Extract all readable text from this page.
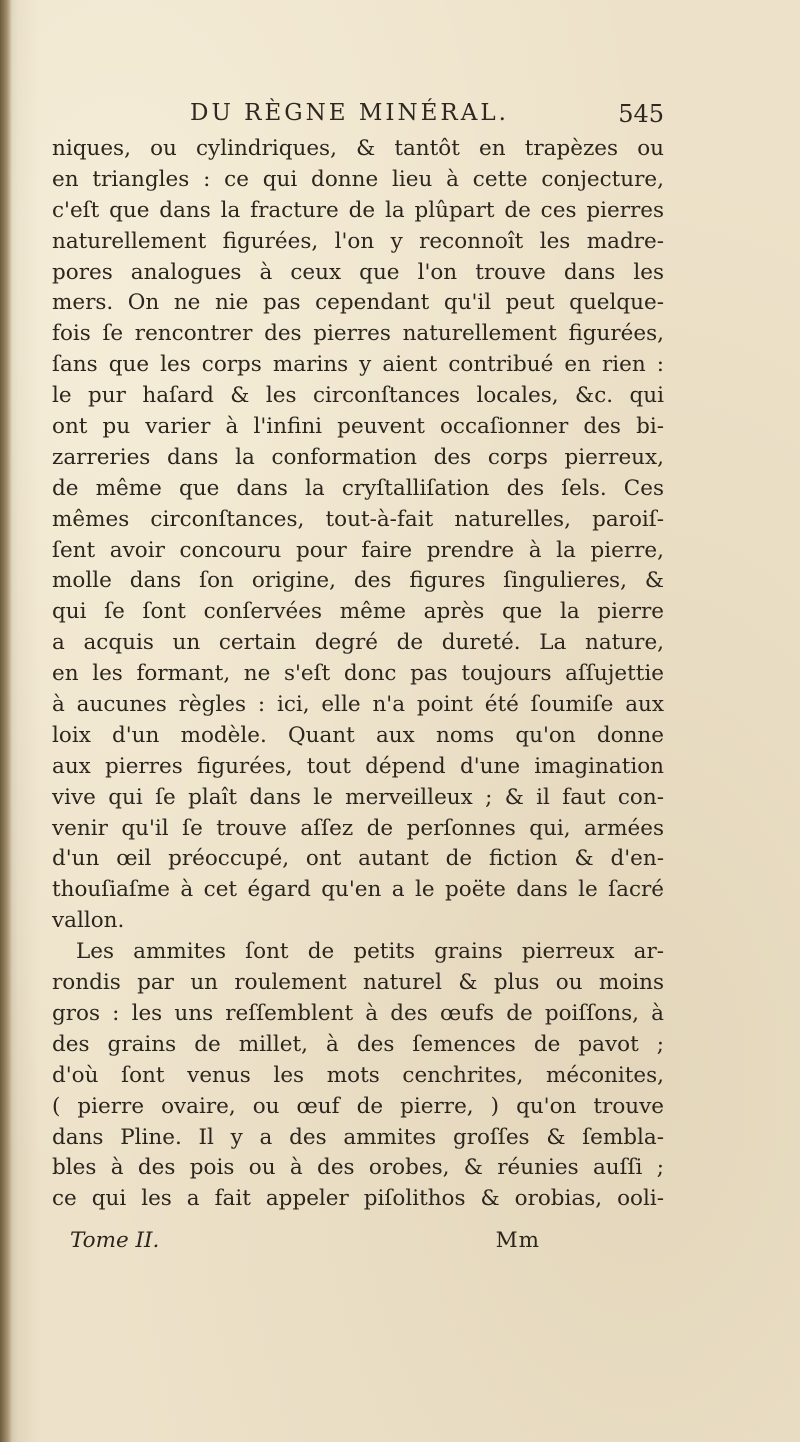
DU RÈGNE MINÉRAL.	545
niques, ou cylindriques, & tantôt en trapèzes ou
en triangles : ce qui donne lieu à cette conjecture,
c'eſt que dans la fracture de la plûpart de ces pierres
naturellement figurées, l'on y reconnoît les madre-
pores analogues à ceux que l'on trouve dans les
mers. On ne nie pas cependant qu'il peut quelque-
fois ſe rencontrer des pierres naturellement figurées,
ſans que les corps marins y aient contribué en rien :
le pur haſard & les circonſtances locales, &c. qui
ont pu varier à l'infini peuvent occaſionner des bi-
zarreries dans la conformation des corps pierreux,
de même que dans la cryſtalliſation des ſels. Ces
mêmes circonſtances, tout-à-fait naturelles, paroiſ-
ſent avoir concouru pour faire prendre à la pierre,
molle dans ſon origine, des figures ſingulieres, &
qui ſe ſont conſervées même après que la pierre
a acquis un certain degré de dureté. La nature,
en les formant, ne s'eſt donc pas toujours aſſujettie
à aucunes règles : ici, elle n'a point été ſoumiſe aux
loix d'un modèle. Quant aux noms qu'on donne
aux pierres figurées, tout dépend d'une imagination
vive qui ſe plaît dans le merveilleux ; & il faut con-
venir qu'il ſe trouve aſſez de perſonnes qui, armées
d'un œil préoccupé, ont autant de fiction & d'en-
thouſiaſme à cet égard qu'en a le poëte dans le ſacré
vallon.
Les ammites ſont de petits grains pierreux ar-
rondis par un roulement naturel & plus ou moins
gros : les uns reſſemblent à des œufs de poiſſons, à
des grains de millet, à des ſemences de pavot ;
d'où ſont venus les mots cenchrites, méconites,
( pierre ovaire, ou œuf de pierre, ) qu'on trouve
dans Pline. Il y a des ammites groſſes & ſembla-
bles à des pois ou à des orobes, & réunies auſſi ;
ce qui les a fait appeler piſolithos & orobias, ooli-
Tome II.	Mm
